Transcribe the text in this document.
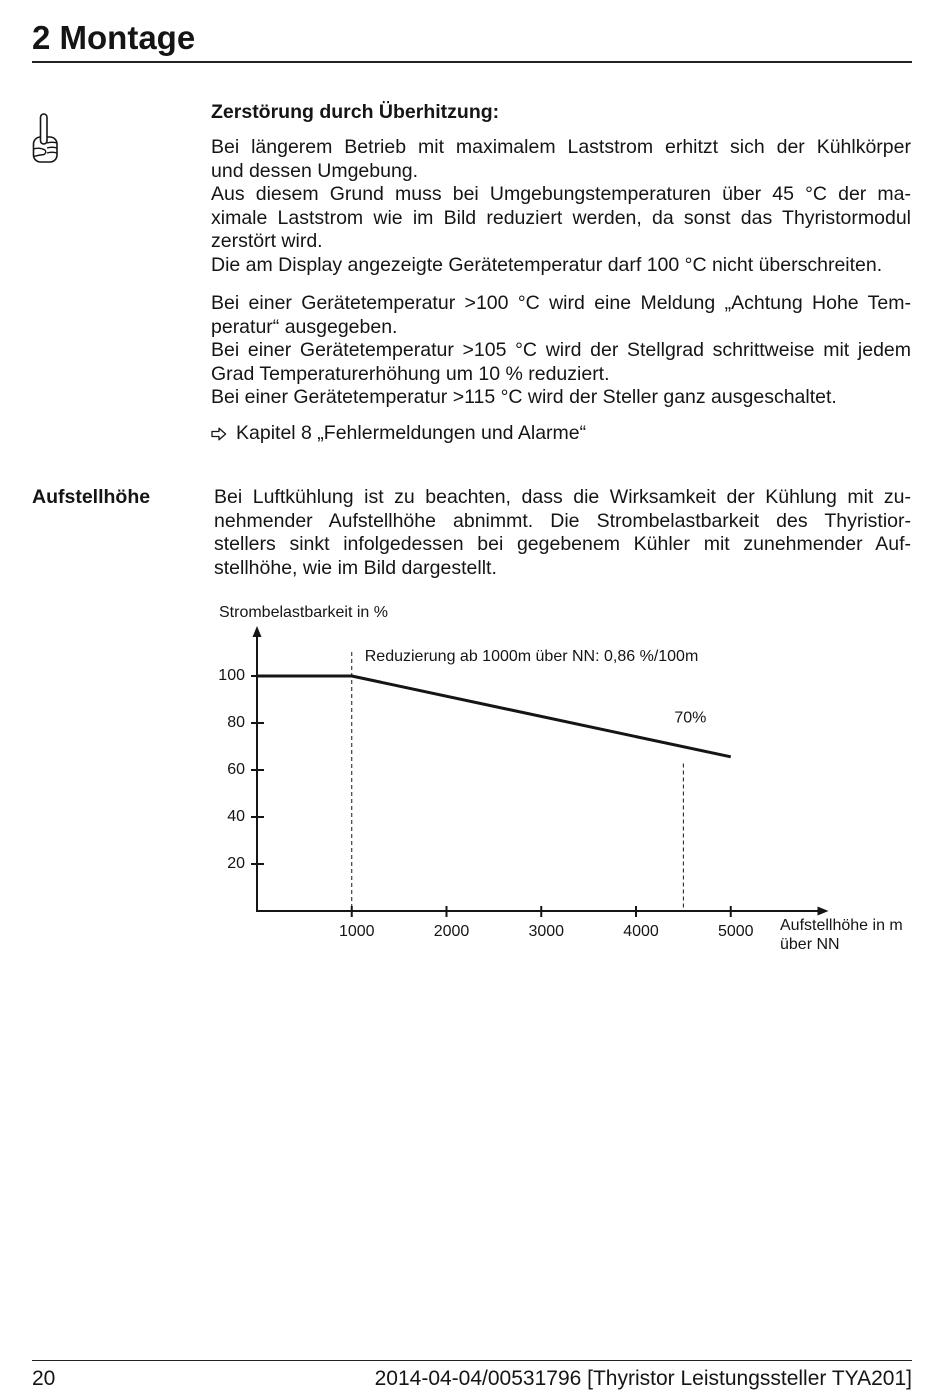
2 Montage
Zerstörung durch Überhitzung:
Bei längerem Betrieb mit maximalem Laststrom erhitzt sich der Kühlkörper
und dessen Umgebung.
Aus diesem Grund muss bei Umgebungstemperaturen über 45 °C der ma-
ximale Laststrom wie im Bild reduziert werden, da sonst das Thyristormodul
zerstört wird.
Die am Display angezeigte Gerätetemperatur darf 100 °C nicht überschreiten.
Bei einer Gerätetemperatur >100 °C wird eine Meldung „Achtung Hohe Tem-
peratur“ ausgegeben.
Bei einer Gerätetemperatur >105 °C wird der Stellgrad schrittweise mit jedem
Grad Temperaturerhöhung um 10 % reduziert.
Bei einer Gerätetemperatur >115 °C wird der Steller ganz ausgeschaltet.
Kapitel 8 „Fehlermeldungen und Alarme“
Aufstellhöhe	Bei Luftkühlung ist zu beachten, dass die Wirksamkeit der Kühlung mit zu-
nehmender Aufstellhöhe abnimmt. Die Strombelastbarkeit des Thyristior-
stellers sinkt infolgedessen bei gegebenem Kühler mit zunehmender Auf-
stellhöhe, wie im Bild dargestellt.
20
40
60
80
100
1000	2000	3000	4000	5000
70%
Reduzierung ab 1000m über NN: 0,86 %/100m
Strombelastbarkeit in %
Aufstellhöhe in m
über NN
20	2014-04-04/00531796 [Thyristor Leistungssteller TYA201]
